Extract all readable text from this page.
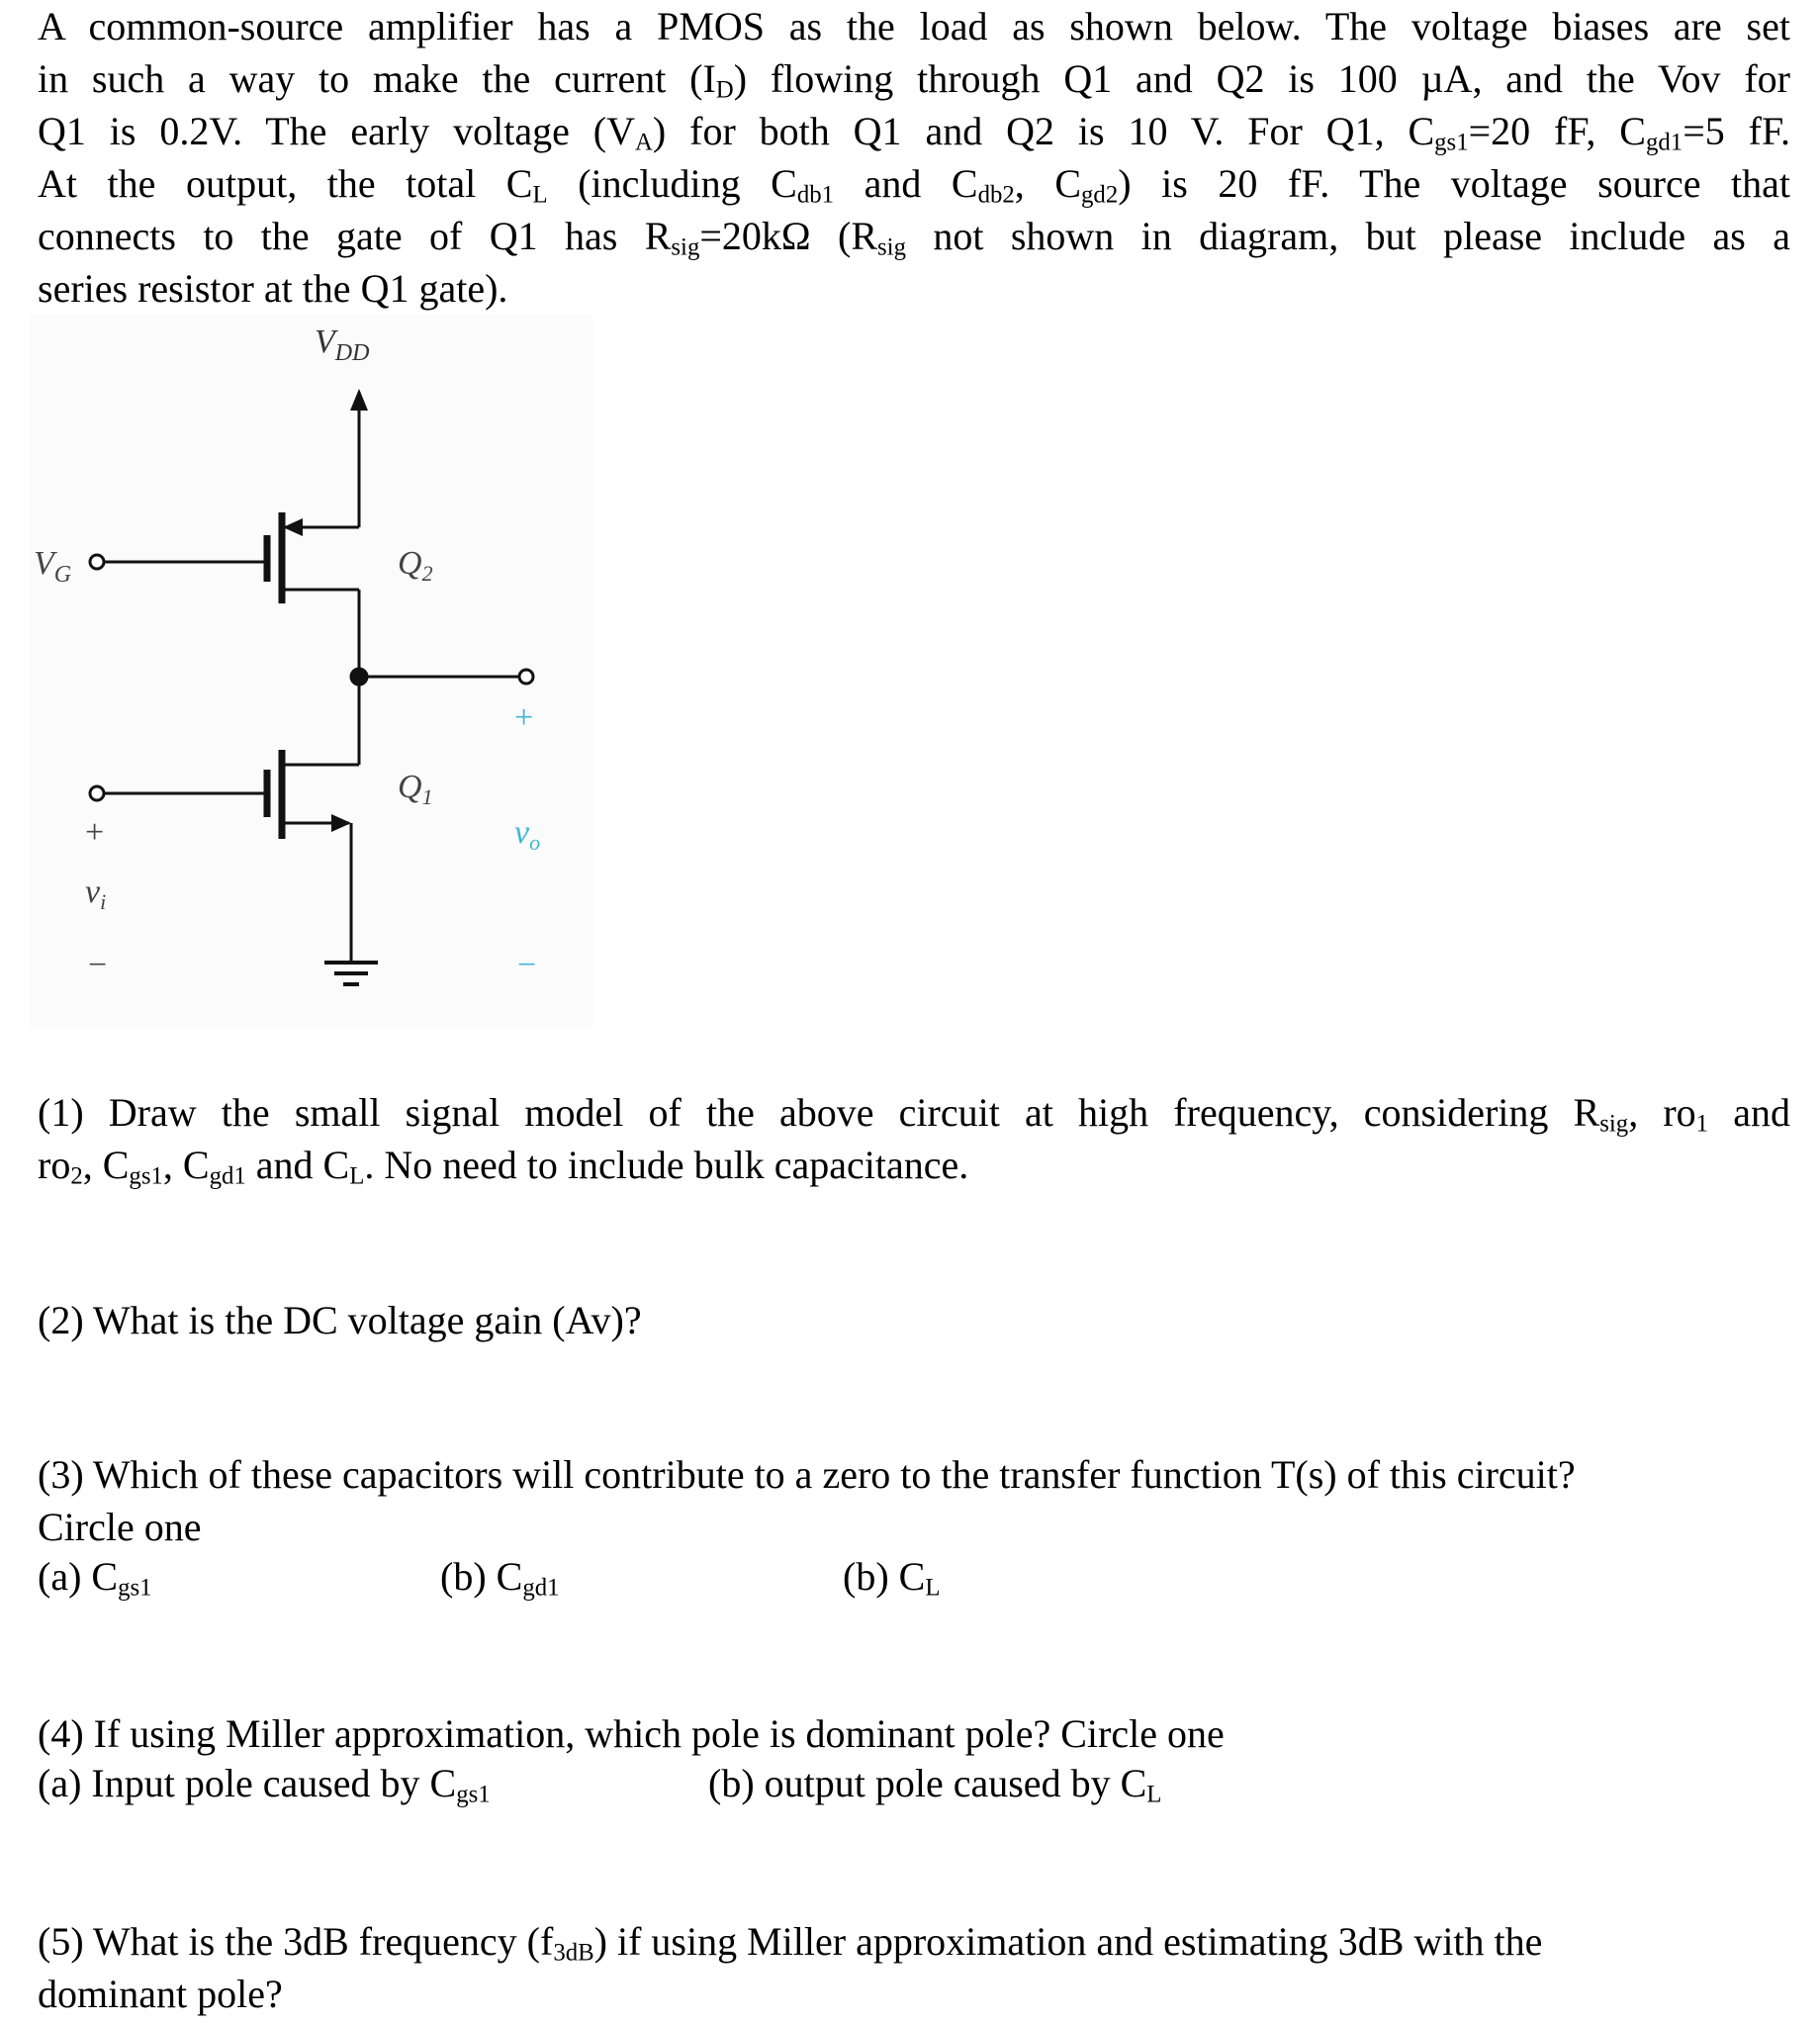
A common-source amplifier has a PMOS as the load as shown below. The voltage biases are set
in such a way to make the current $(I_D)$ flowing through Q1 and Q2 is 100 µA, and the Vov for
Q1 is 0.2V. The early voltage $(V_A)$ for both Q1 and Q2 is 10 V. For Q1, $C_{gs1}=20$ fF, $C_{gd1}=5$ fF.
At the output, the total $C_L$ (including $C_{db1}$ and $C_{db2}$, $C_{gd2}$) is 20 fF. The voltage source that
connects to the gate of Q1 has $R_{sig}=20k\Omega$ ($R_{sig}$ not shown in diagram, but please include as a
series resistor at the Q1 gate).
$V_{DD}$
$V_G$	$Q_2$
$Q_1$
+
$v_o$
−
+
$v_i$
−
(1) Draw the small signal model of the above circuit at high frequency, considering $R_{sig}$, $ro_1$ and
$ro_2$, $C_{gs1}$, $C_{gd1}$ and $C_L$. No need to include bulk capacitance.
(2) What is the DC voltage gain (Av)?
(3) Which of these capacitors will contribute to a zero to the transfer function T(s) of this circuit?
Circle one
(a) $C_{gs1}$	(b) $C_{gd1}$	(b) $C_L$
(4) If using Miller approximation, which pole is dominant pole? Circle one
(a) Input pole caused by $C_{gs1}$	(b) output pole caused by $C_L$
(5) What is the 3dB frequency $(f_{3dB})$ if using Miller approximation and estimating 3dB with the
dominant pole?
